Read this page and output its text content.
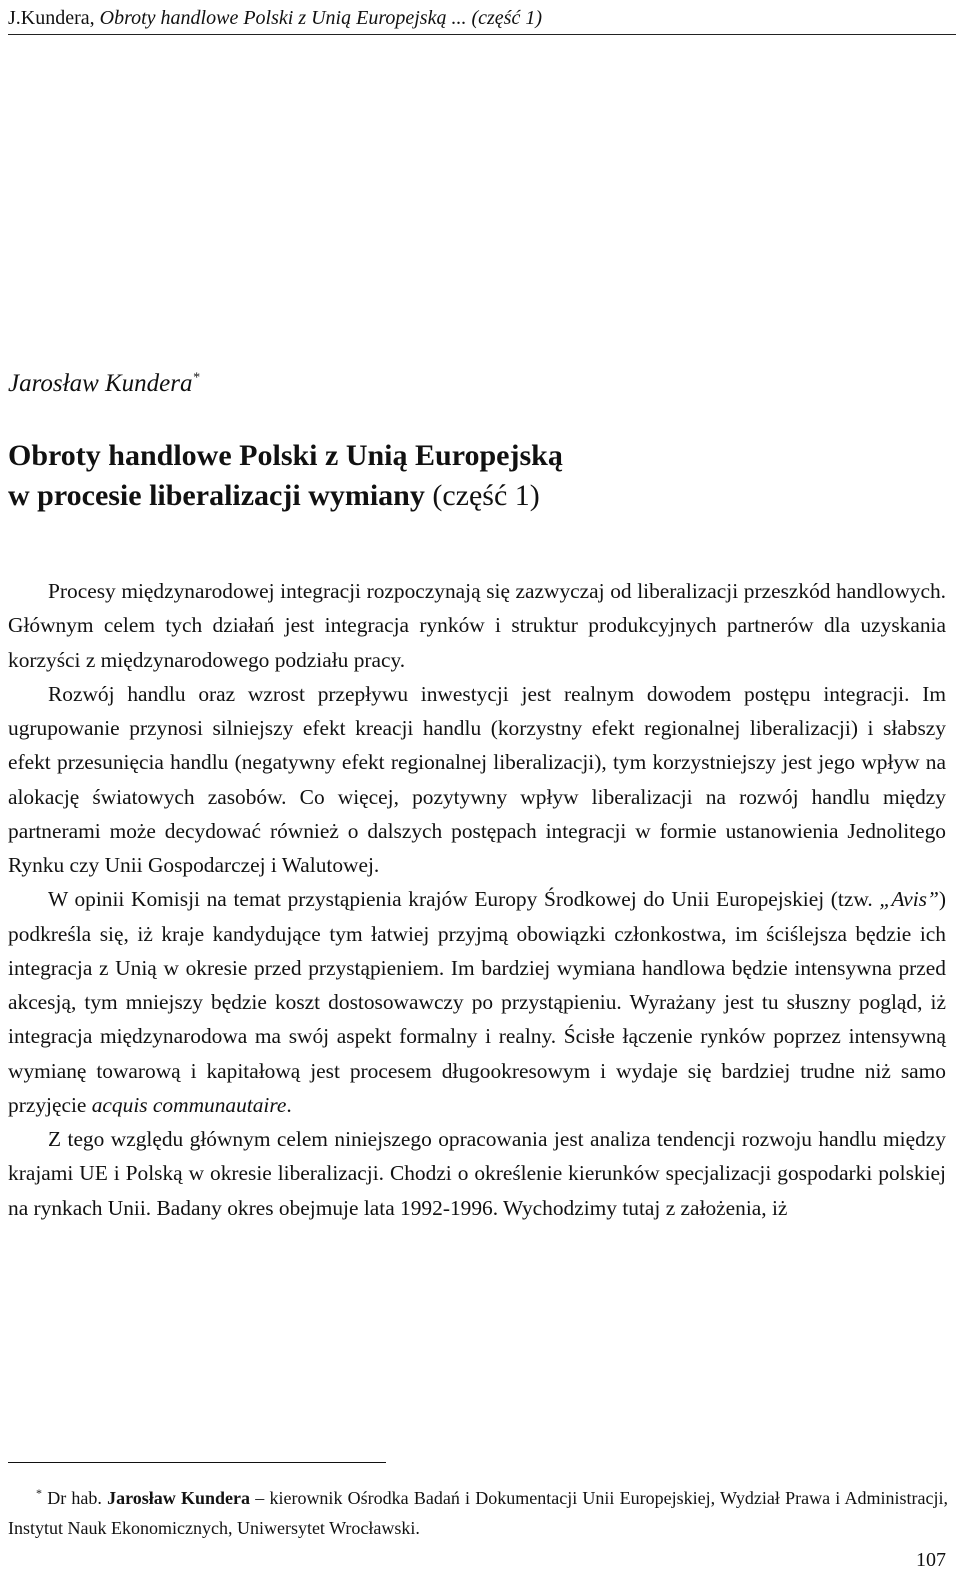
J.Kundera, Obroty handlowe Polski z Unią Europejską ... (część 1)
Jarosław Kundera*
Obroty handlowe Polski z Unią Europejską
w procesie liberalizacji wymiany (część 1)

Procesy międzynarodowej integracji rozpoczynają się zazwyczaj od liberalizacji przeszkód handlowych. Głównym celem tych działań jest integracja rynków i struktur produkcyjnych partnerów dla uzyskania korzyści z międzynarodowego podziału pracy.

Rozwój handlu oraz wzrost przepływu inwestycji jest realnym dowodem postępu integracji. Im ugrupowanie przynosi silniejszy efekt kreacji handlu (korzystny efekt regionalnej liberalizacji) i słabszy efekt przesunięcia handlu (negatywny efekt regionalnej liberalizacji), tym korzystniejszy jest jego wpływ na alokację światowych zasobów. Co więcej, pozytywny wpływ liberalizacji na rozwój handlu między partnerami może decydować również o dalszych postępach integracji w formie ustanowienia Jednolitego Rynku czy Unii Gospodarczej i Walutowej.

W opinii Komisji na temat przystąpienia krajów Europy Środkowej do Unii Europejskiej (tzw. „Avis”) podkreśla się, iż kraje kandydujące tym łatwiej przyjmą obowiązki członkostwa, im ściślejsza będzie ich integracja z Unią w okresie przed przystąpieniem. Im bardziej wymiana handlowa będzie intensywna przed akcesją, tym mniejszy będzie koszt dostosowawczy po przystąpieniu. Wyrażany jest tu słuszny pogląd, iż integracja międzynarodowa ma swój aspekt formalny i realny. Ścisłe łączenie rynków poprzez intensywną wymianę towarową i kapitałową jest procesem długookresowym i wydaje się bardziej trudne niż samo przyjęcie acquis communautaire.

Z tego względu głównym celem niniejszego opracowania jest analiza tendencji rozwoju handlu między krajami UE i Polską w okresie liberalizacji. Chodzi o określenie kierunków specjalizacji gospodarki polskiej na rynkach Unii. Badany okres obejmuje lata 1992-1996. Wychodzimy tutaj z założenia, iż

* Dr hab. Jarosław Kundera – kierownik Ośrodka Badań i Dokumentacji Unii Europejskiej, Wydział Prawa i Administracji, Instytut Nauk Ekonomicznych, Uniwersytet Wrocławski.

107
